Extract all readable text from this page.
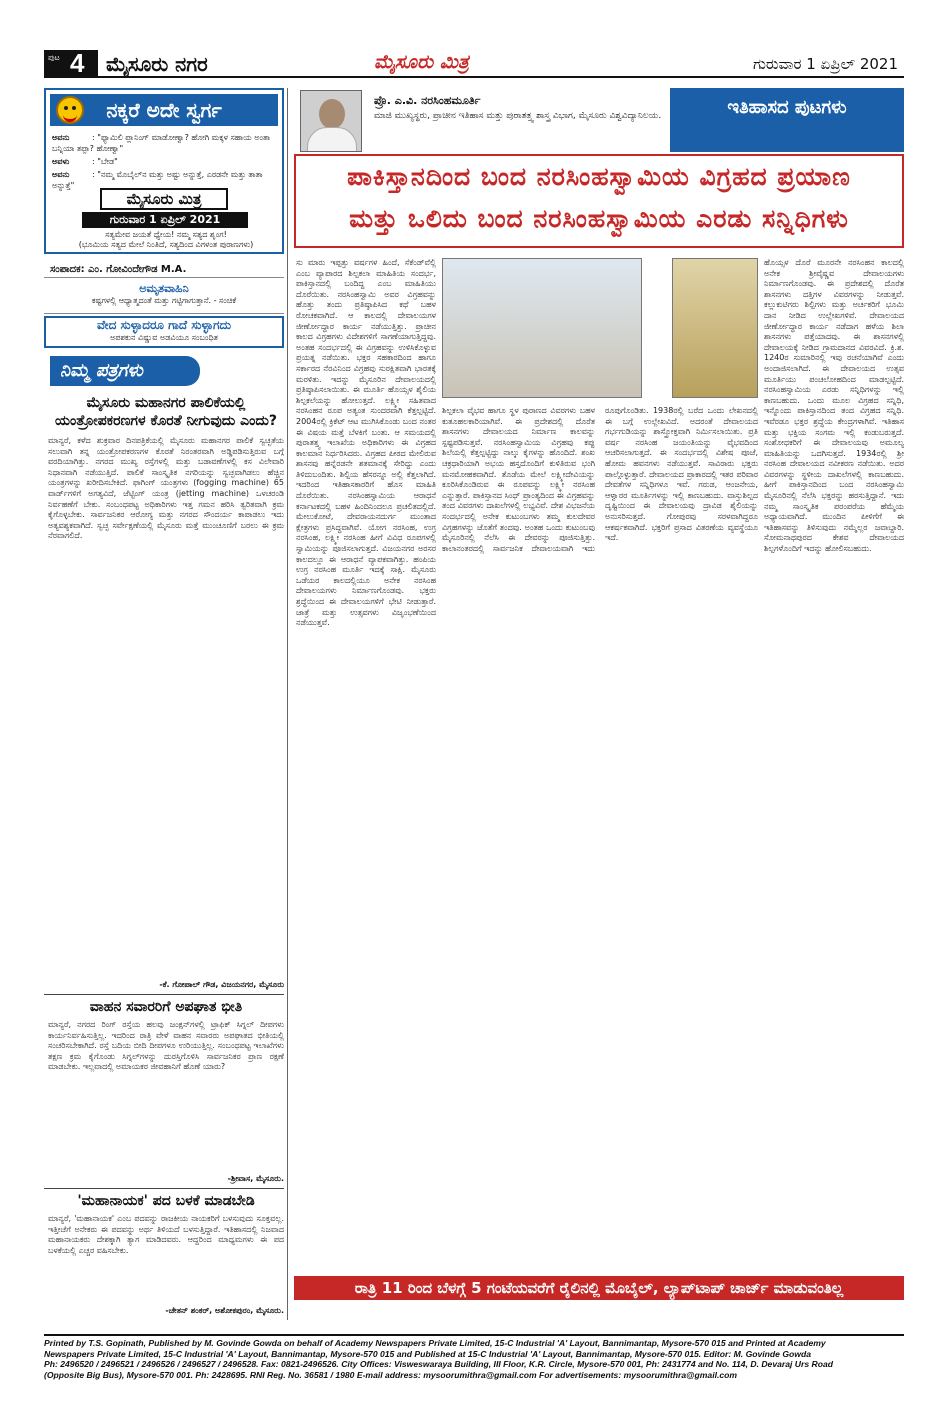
ಪುಟ 4 ಮೈಸೂರು ನಗರ	ಮೈಸೂರು ಮಿತ್ರ	ಗುರುವಾರ 1 ಏಪ್ರಿಲ್ 2021
ನಕ್ಕರೆ ಅದೇ ಸ್ವರ್ಗ
ಅವನು	: "ಫ್ಯಾಮಿಲಿ ಪ್ಲಾನಿಂಗ್ ಮಾಡೋಣ್ವಾ? ಹೋಗಿ ಮಕ್ಕಳ ಸಹಾಯ ಅಂತಾ ಬನ್ನಿಯಾ ತಪ್ಪಾ? ಹೋಣ್ವಾ"
ಅವಳು	: "ಬೇಡ"
ಅವನು	: "ನಮ್ಮ ಮೊಬೈಲ್‌ನ ಮತ್ತು ಅಷ್ಟು ಅನ್ನುತ್ತೆ, ಎರಡನೇ ಮತ್ತು ತಾತಾ ಅನ್ನುತ್ತೆ"
ಮೈಸೂರು ಮಿತ್ರ
ಗುರುವಾರ 1 ಏಪ್ರಿಲ್ 2021
ಸತ್ಯಮೇವ ಜಯತೆ ಧ್ಯೇಯ! ನಮ್ಮ ಸತ್ಯದ ಶೃಂಗ!
(ಭೂಮಿಯ ಸತ್ಯದ ಮೇಲೆ ನಿಂತಿದೆ, ಸತ್ಯದಿಂದ ವಿಗಳಂತ ಪುರಾಣಗಳು)
ಸಂಪಾದಕ: ಎಂ. ಗೋವಿಂದೇಗೌಡ M.A.
ಅಮೃತವಾಹಿನಿ
ಕಷ್ಟಗಳಲ್ಲಿ ಆಧ್ಯಾತ್ಮದಂತೆ ಮತ್ತು ಗಟ್ಟಿಗಾಗುತ್ತಾನೆ. - ಸಂಚಿಕೆ
ವೇದ ಸುಳ್ಳಾದರೂ ಗಾದೆ ಸುಳ್ಳಾಗದು
ಅಪಶಕುನ ವಿಷ್ಣುವ ಅಡವಿಯೂ ಸಂಬಂಧಿತ
ನಿಮ್ಮ ಪತ್ರಗಳು
ಮೈಸೂರು ಮಹಾನಗರ ಪಾಲಿಕೆಯಲ್ಲಿ ಯಂತ್ರೋಪಕರಣಗಳ ಕೊರತೆ ನೀಗುವುದು ಎಂದು?
ಮಾನ್ಯರೆ, ಕಳೆದ ಶುಕ್ರವಾರ ದಿನಪತ್ರಿಕೆಯಲ್ಲಿ ಮೈಸೂರು ಮಹಾನಗರ ಪಾಲಿಕೆ ಸ್ವಚ್ಛತೆಯ ಸಲುವಾಗಿ ತನ್ನ ಯಂತ್ರೋಪಕರಣಗಳ ಕೊರತೆ ನಿರಂತರವಾಗಿ ಅಡ್ಡಿಪಡಿಸುತ್ತಿರುವ ಬಗ್ಗೆ ವರದಿಯಾಗಿತ್ತು. ನಗರದ ಮುಖ್ಯ ರಸ್ತೆಗಳಲ್ಲಿ ಮತ್ತು ಬಡಾವಣೆಗಳಲ್ಲಿ ಕಸ ವಿಲೇವಾರಿ ನಿಧಾನವಾಗಿ ನಡೆಯುತ್ತಿದೆ. ಪಾಲಿಕೆ ಸಾಂಸ್ಕೃತಿಕ ನಗರಿಯನ್ನು ಸ್ವಚ್ಛವಾಗಿಡಲು ಹೆಚ್ಚಿನ ಯಂತ್ರಗಳನ್ನು ಖರೀದಿಸಬೇಕಿದೆ. ಫಾಗಿಂಗ್ ಯಂತ್ರಗಳು (fogging machine) 65 ವಾರ್ಡ್‌ಗಳಿಗೆ ಅಗತ್ಯವಿದೆ, ಜೆಟ್ಟಿಂಗ್ ಯಂತ್ರ (jetting machine) ಒಳಚರಂಡಿ ನಿರ್ವಹಣೆಗೆ ಬೇಕು. ಸಂಬಂಧಪಟ್ಟ ಅಧಿಕಾರಿಗಳು ಇತ್ತ ಗಮನ ಹರಿಸಿ ತ್ವರಿತವಾಗಿ ಕ್ರಮ ಕೈಗೊಳ್ಳಬೇಕು. ಸಾರ್ವಜನಿಕರ ಆರೋಗ್ಯ ಮತ್ತು ನಗರದ ಸೌಂದರ್ಯ ಕಾಪಾಡಲು ಇದು ಅತ್ಯವಶ್ಯಕವಾಗಿದೆ. ಸ್ವಚ್ಛ ಸರ್ವೇಕ್ಷಣೆಯಲ್ಲಿ ಮೈಸೂರು ಮತ್ತೆ ಮುಂಚೂಣಿಗೆ ಬರಲು ಈ ಕ್ರಮ ನೆರವಾಗಲಿದೆ.
-ಕೆ. ಗೋಪಾಲ್ ಗೌಡ, ವಿಜಯನಗರ, ಮೈಸೂರು
ವಾಹನ ಸವಾರರಿಗೆ ಅಪಘಾತ ಭೀತಿ
ಮಾನ್ಯರೆ, ನಗರದ ರಿಂಗ್ ರಸ್ತೆಯ ಹಲವು ಜಂಕ್ಷನ್‌ಗಳಲ್ಲಿ ಟ್ರಾಫಿಕ್ ಸಿಗ್ನಲ್ ದೀಪಗಳು ಕಾರ್ಯನಿರ್ವಹಿಸುತ್ತಿಲ್ಲ. ಇದರಿಂದ ರಾತ್ರಿ ವೇಳೆ ವಾಹನ ಸವಾರರು ಅಪಘಾತದ ಭೀತಿಯಲ್ಲಿ ಸಂಚರಿಸಬೇಕಾಗಿದೆ. ರಸ್ತೆ ಬದಿಯ ಬೀದಿ ದೀಪಗಳೂ ಉರಿಯುತ್ತಿಲ್ಲ. ಸಂಬಂಧಪಟ್ಟ ಇಲಾಖೆಗಳು ತಕ್ಷಣ ಕ್ರಮ ಕೈಗೊಂಡು ಸಿಗ್ನಲ್‌ಗಳನ್ನು ದುರಸ್ತಿಗೊಳಿಸಿ ಸಾರ್ವಜನಿಕರ ಪ್ರಾಣ ರಕ್ಷಣೆ ಮಾಡಬೇಕು. ಇಲ್ಲವಾದಲ್ಲಿ ಅಮಾಯಕರ ಜೀವಹಾನಿಗೆ ಹೊಣೆ ಯಾರು?
-ಶ್ರೀವಾಸ, ಮೈಸೂರು.
'ಮಹಾನಾಯಕ' ಪದ ಬಳಕೆ ಮಾಡಬೇಡಿ
ಮಾನ್ಯರೆ, 'ಮಹಾನಾಯಕ' ಎಂಬ ಪದವನ್ನು ರಾಜಕೀಯ ನಾಯಕರಿಗೆ ಬಳಸುವುದು ಸೂಕ್ತವಲ್ಲ. ಇತ್ತೀಚೆಗೆ ಅನೇಕರು ಈ ಪದವನ್ನು ಅರ್ಥ ತಿಳಿಯದೆ ಬಳಸುತ್ತಿದ್ದಾರೆ. ಇತಿಹಾಸದಲ್ಲಿ ನಿಜವಾದ ಮಹಾನಾಯಕರು ದೇಶಕ್ಕಾಗಿ ತ್ಯಾಗ ಮಾಡಿದವರು. ಆದ್ದರಿಂದ ಮಾಧ್ಯಮಗಳು ಈ ಪದ ಬಳಕೆಯಲ್ಲಿ ಎಚ್ಚರ ವಹಿಸಬೇಕು.
-ಚೇತನ್ ಶಂಕರ್, ಅಶೋಕಪುರಂ, ಮೈಸೂರು.
ಪ್ರೊ. ಎ.ವಿ. ನರಸಿಂಹಮೂರ್ತಿ
ಮಾಜಿ ಮುಖ್ಯಸ್ಥರು, ಪ್ರಾಚೀನ ಇತಿಹಾಸ ಮತ್ತು ಪುರಾತತ್ತ್ವ ಶಾಸ್ತ್ರ ವಿಭಾಗ, ಮೈಸೂರು ವಿಶ್ವವಿದ್ಯಾನಿಲಯ.	ಇತಿಹಾಸದ ಪುಟಗಳು
ಪಾಕಿಸ್ತಾನದಿಂದ ಬಂದ ನರಸಿಂಹಸ್ವಾಮಿಯ ವಿಗ್ರಹದ ಪ್ರಯಾಣ
ಮತ್ತು ಒಲಿದು ಬಂದ ನರಸಿಂಹಸ್ವಾಮಿಯ ಎರಡು ಸನ್ನಿಧಿಗಳು
ಸು ಮಾರು ಇಪ್ಪತ್ತು ವರ್ಷಗಳ ಹಿಂದೆ, ಸೆಕೆಂಡ್‌ವೆಲ್ಲಿ ಎಂಬ ವ್ಯಾಪಾರದ ಶಿಲ್ಪಕಲಾ ಮಾಹಿತಿಯ ಸಂದರ್ಭ, ಪಾಕಿಸ್ತಾನದಲ್ಲಿ ಬಂದಿದ್ದ ಎಂಬ ಮಾಹಿತಿಯು ದೊರೆಯಿತು. ನರಸಿಂಹಸ್ವಾಮಿ ಅವರ ವಿಗ್ರಹವನ್ನು ಹೊತ್ತು ತಂದು ಪ್ರತಿಷ್ಠಾಪಿಸಿದ ಕಥೆ ಬಹಳ ರೋಚಕವಾಗಿದೆ. ಆ ಕಾಲದಲ್ಲಿ ದೇವಾಲಯಗಳ ಜೀರ್ಣೋದ್ಧಾರ ಕಾರ್ಯ ನಡೆಯುತ್ತಿತ್ತು. ಪ್ರಾಚೀನ ಕಾಲದ ವಿಗ್ರಹಗಳು ವಿದೇಶಗಳಿಗೆ ಸಾಗಣೆಯಾಗುತ್ತಿದ್ದವು. ಅಂತಹ ಸಂದರ್ಭದಲ್ಲಿ ಈ ವಿಗ್ರಹವನ್ನು ಉಳಿಸಿಕೊಳ್ಳುವ ಪ್ರಯತ್ನ ನಡೆಯಿತು. ಭಕ್ತರ ಸಹಕಾರದಿಂದ ಹಾಗೂ ಸರ್ಕಾರದ ನೆರವಿನಿಂದ ವಿಗ್ರಹವು ಸುರಕ್ಷಿತವಾಗಿ ಭಾರತಕ್ಕೆ ಮರಳಿತು. ಇದನ್ನು ಮೈಸೂರಿನ ದೇವಾಲಯದಲ್ಲಿ ಪ್ರತಿಷ್ಠಾಪಿಸಲಾಯಿತು. ಈ ಮೂರ್ತಿ ಹೊಯ್ಸಳ ಶೈಲಿಯ ಶಿಲ್ಪಕಲೆಯನ್ನು ಹೋಲುತ್ತದೆ. ಲಕ್ಷ್ಮೀ ಸಹಿತವಾದ ನರಸಿಂಹನ ರೂಪ ಅತ್ಯಂತ ಸುಂದರವಾಗಿ ಕೆತ್ತಲ್ಪಟ್ಟಿದೆ. 2004ರಲ್ಲಿ ಕ್ರಿಕೆಟ್ ಆಟ ಮುಗಿಸಿಕೊಂಡು ಬಂದ ನಂತರ ಈ ವಿಷಯ ಮತ್ತೆ ಬೆಳಕಿಗೆ ಬಂತು. ಆ ಸಮಯದಲ್ಲಿ ಪುರಾತತ್ತ್ವ ಇಲಾಖೆಯ ಅಧಿಕಾರಿಗಳು ಈ ವಿಗ್ರಹದ ಕಾಲಮಾನ ನಿರ್ಧರಿಸಿದರು. ವಿಗ್ರಹದ ಪೀಠದ ಮೇಲಿರುವ ಶಾಸನವು ಹನ್ನೆರಡನೇ ಶತಮಾನಕ್ಕೆ ಸೇರಿದ್ದು ಎಂದು ತಿಳಿದುಬಂದಿತು. ಶಿಲ್ಪಿಯ ಹೆಸರನ್ನೂ ಅಲ್ಲಿ ಕೆತ್ತಲಾಗಿದೆ. ಇದರಿಂದ ಇತಿಹಾಸಕಾರರಿಗೆ ಹೊಸ ಮಾಹಿತಿ ದೊರೆಯಿತು. ನರಸಿಂಹಸ್ವಾಮಿಯ ಆರಾಧನೆ ಕರ್ನಾಟಕದಲ್ಲಿ ಬಹಳ ಹಿಂದಿನಿಂದಲೂ ಪ್ರಚಲಿತದಲ್ಲಿದೆ. ಮೇಲುಕೋಟೆ, ದೇವರಾಯನದುರ್ಗ ಮುಂತಾದ ಕ್ಷೇತ್ರಗಳು ಪ್ರಸಿದ್ಧವಾಗಿವೆ. ಯೋಗ ನರಸಿಂಹ, ಉಗ್ರ ನರಸಿಂಹ, ಲಕ್ಷ್ಮೀ ನರಸಿಂಹ ಹೀಗೆ ವಿವಿಧ ರೂಪಗಳಲ್ಲಿ ಸ್ವಾಮಿಯನ್ನು ಪೂಜಿಸಲಾಗುತ್ತದೆ. ವಿಜಯನಗರ ಅರಸರ ಕಾಲದಲ್ಲೂ ಈ ಆರಾಧನೆ ವ್ಯಾಪಕವಾಗಿತ್ತು. ಹಂಪಿಯ ಉಗ್ರ ನರಸಿಂಹ ಮೂರ್ತಿ ಇದಕ್ಕೆ ಸಾಕ್ಷಿ. ಮೈಸೂರು ಒಡೆಯರ ಕಾಲದಲ್ಲಿಯೂ ಅನೇಕ ನರಸಿಂಹ ದೇವಾಲಯಗಳು ನಿರ್ಮಾಣಗೊಂಡವು. ಭಕ್ತರು ಶ್ರದ್ಧೆಯಿಂದ ಈ ದೇವಾಲಯಗಳಿಗೆ ಭೇಟಿ ನೀಡುತ್ತಾರೆ. ಜಾತ್ರೆ ಮತ್ತು ಉತ್ಸವಗಳು ವಿಜೃಂಭಣೆಯಿಂದ ನಡೆಯುತ್ತವೆ.
ಶಿಲ್ಪಕಲಾ ವೈಭವ ಹಾಗೂ ಸ್ಥಳ ಪುರಾಣದ ವಿವರಗಳು ಬಹಳ ಕುತೂಹಲಕಾರಿಯಾಗಿವೆ. ಈ ಪ್ರದೇಶದಲ್ಲಿ ದೊರೆತ ಶಾಸನಗಳು ದೇವಾಲಯದ ನಿರ್ಮಾಣ ಕಾಲವನ್ನು ಸ್ಪಷ್ಟಪಡಿಸುತ್ತವೆ. ನರಸಿಂಹಸ್ವಾಮಿಯ ವಿಗ್ರಹವು ಕಪ್ಪು ಶಿಲೆಯಲ್ಲಿ ಕೆತ್ತಲ್ಪಟ್ಟಿದ್ದು ನಾಲ್ಕು ಕೈಗಳನ್ನು ಹೊಂದಿದೆ. ಶಂಖ ಚಕ್ರಧಾರಿಯಾಗಿ ಅಭಯ ಹಸ್ತದೊಂದಿಗೆ ಕುಳಿತಿರುವ ಭಂಗಿ ಮನಮೋಹಕವಾಗಿದೆ. ತೊಡೆಯ ಮೇಲೆ ಲಕ್ಷ್ಮೀದೇವಿಯನ್ನು ಕೂರಿಸಿಕೊಂಡಿರುವ ಈ ರೂಪವನ್ನು ಲಕ್ಷ್ಮೀ ನರಸಿಂಹ ಎನ್ನುತ್ತಾರೆ. ಪಾಕಿಸ್ತಾನದ ಸಿಂಧ್ ಪ್ರಾಂತ್ಯದಿಂದ ಈ ವಿಗ್ರಹವನ್ನು ತಂದ ವಿವರಗಳು ದಾಖಲೆಗಳಲ್ಲಿ ಲಭ್ಯವಿವೆ. ದೇಶ ವಿಭಜನೆಯ ಸಂದರ್ಭದಲ್ಲಿ ಅನೇಕ ಕುಟುಂಬಗಳು ತಮ್ಮ ಕುಲದೇವರ ವಿಗ್ರಹಗಳನ್ನು ಜೊತೆಗೆ ತಂದವು. ಅಂತಹ ಒಂದು ಕುಟುಂಬವು ಮೈಸೂರಿನಲ್ಲಿ ನೆಲೆಸಿ ಈ ದೇವರನ್ನು ಪೂಜಿಸುತ್ತಿತ್ತು. ಕಾಲಾನಂತರದಲ್ಲಿ ಸಾರ್ವಜನಿಕ ದೇವಾಲಯವಾಗಿ ಇದು ರೂಪುಗೊಂಡಿತು. 1938ರಲ್ಲಿ ಬರೆದ ಒಂದು ಲೇಖನದಲ್ಲಿ ಈ ಬಗ್ಗೆ ಉಲ್ಲೇಖವಿದೆ. ಅದರಂತೆ ದೇವಾಲಯದ ಗರ್ಭಗುಡಿಯನ್ನು ಶಾಸ್ತ್ರೋಕ್ತವಾಗಿ ನಿರ್ಮಿಸಲಾಯಿತು. ಪ್ರತಿ ವರ್ಷ ನರಸಿಂಹ ಜಯಂತಿಯನ್ನು ವೈಭವದಿಂದ ಆಚರಿಸಲಾಗುತ್ತದೆ. ಈ ಸಂದರ್ಭದಲ್ಲಿ ವಿಶೇಷ ಪೂಜೆ, ಹೋಮ ಹವನಗಳು ನಡೆಯುತ್ತವೆ. ಸಾವಿರಾರು ಭಕ್ತರು ಪಾಲ್ಗೊಳ್ಳುತ್ತಾರೆ. ದೇವಾಲಯದ ಪ್ರಾಕಾರದಲ್ಲಿ ಇತರ ಪರಿವಾರ ದೇವತೆಗಳ ಸನ್ನಿಧಿಗಳೂ ಇವೆ. ಗರುಡ, ಆಂಜನೇಯ, ಆಳ್ವಾರರ ಮೂರ್ತಿಗಳನ್ನು ಇಲ್ಲಿ ಕಾಣಬಹುದು. ವಾಸ್ತುಶಿಲ್ಪದ ದೃಷ್ಟಿಯಿಂದ ಈ ದೇವಾಲಯವು ದ್ರಾವಿಡ ಶೈಲಿಯನ್ನು ಅನುಸರಿಸುತ್ತದೆ. ಗೋಪುರವು ಸರಳವಾಗಿದ್ದರೂ ಆಕರ್ಷಕವಾಗಿದೆ. ಭಕ್ತರಿಗೆ ಪ್ರಸಾದ ವಿತರಣೆಯ ವ್ಯವಸ್ಥೆಯೂ ಇದೆ.
ಹೊಯ್ಸಳ ದೊರೆ ಮೂರನೇ ನರಸಿಂಹನ ಕಾಲದಲ್ಲಿ ಅನೇಕ ಶ್ರೀವೈಷ್ಣವ ದೇವಾಲಯಗಳು ನಿರ್ಮಾಣಗೊಂಡವು. ಈ ಪ್ರದೇಶದಲ್ಲಿ ದೊರೆತ ಶಾಸನಗಳು ದತ್ತಿಗಳ ವಿವರಗಳನ್ನು ನೀಡುತ್ತವೆ. ಕಲ್ಲುಕುಟಿಗರು ಶಿಲ್ಪಿಗಳು ಮತ್ತು ಅರ್ಚಕರಿಗೆ ಭೂಮಿ ದಾನ ನೀಡಿದ ಉಲ್ಲೇಖಗಳಿವೆ. ದೇವಾಲಯದ ಜೀರ್ಣೋದ್ಧಾರ ಕಾರ್ಯ ನಡೆದಾಗ ಹಳೆಯ ಶಿಲಾ ಶಾಸನಗಳು ಪತ್ತೆಯಾದವು. ಈ ಶಾಸನಗಳಲ್ಲಿ ದೇವಾಲಯಕ್ಕೆ ನೀಡಿದ ಗ್ರಾಮದಾನದ ವಿವರವಿದೆ. ಕ್ರಿ.ಶ. 1240ರ ಸುಮಾರಿನಲ್ಲಿ ಇವು ರಚನೆಯಾಗಿವೆ ಎಂದು ಅಂದಾಜಿಸಲಾಗಿದೆ. ಈ ದೇವಾಲಯದ ಉತ್ಸವ ಮೂರ್ತಿಯು ಪಂಚಲೋಹದಿಂದ ಮಾಡಲ್ಪಟ್ಟಿದೆ. ನರಸಿಂಹಸ್ವಾಮಿಯ ಎರಡು ಸನ್ನಿಧಿಗಳನ್ನು ಇಲ್ಲಿ ಕಾಣಬಹುದು. ಒಂದು ಮೂಲ ವಿಗ್ರಹದ ಸನ್ನಿಧಿ, ಇನ್ನೊಂದು ಪಾಕಿಸ್ತಾನದಿಂದ ತಂದ ವಿಗ್ರಹದ ಸನ್ನಿಧಿ. ಇವೆರಡೂ ಭಕ್ತರ ಶ್ರದ್ಧೆಯ ಕೇಂದ್ರಗಳಾಗಿವೆ. ಇತಿಹಾಸ ಮತ್ತು ಭಕ್ತಿಯ ಸಂಗಮ ಇಲ್ಲಿ ಕಂಡುಬರುತ್ತದೆ. ಸಂಶೋಧಕರಿಗೆ ಈ ದೇವಾಲಯವು ಅಮೂಲ್ಯ ಮಾಹಿತಿಯನ್ನು ಒದಗಿಸುತ್ತದೆ. 1934ರಲ್ಲಿ ಶ್ರೀ ನರಸಿಂಹ ದೇವಾಲಯದ ನವೀಕರಣ ನಡೆಯಿತು. ಅದರ ವಿವರಗಳನ್ನು ಸ್ಥಳೀಯ ದಾಖಲೆಗಳಲ್ಲಿ ಕಾಣಬಹುದು. ಹೀಗೆ ಪಾಕಿಸ್ತಾನದಿಂದ ಬಂದ ನರಸಿಂಹಸ್ವಾಮಿ ಮೈಸೂರಿನಲ್ಲಿ ನೆಲೆಸಿ ಭಕ್ತರನ್ನು ಹರಸುತ್ತಿದ್ದಾನೆ. ಇದು ನಮ್ಮ ಸಾಂಸ್ಕೃತಿಕ ಪರಂಪರೆಯ ಹೆಮ್ಮೆಯ ಅಧ್ಯಾಯವಾಗಿದೆ. ಮುಂದಿನ ಪೀಳಿಗೆಗೆ ಈ ಇತಿಹಾಸವನ್ನು ತಿಳಿಸುವುದು ನಮ್ಮೆಲ್ಲರ ಜವಾಬ್ದಾರಿ. ಸೋಮನಾಥಪುರದ ಕೇಶವ ದೇವಾಲಯದ ಶಿಲ್ಪಗಳೊಂದಿಗೆ ಇದನ್ನು ಹೋಲಿಸಬಹುದು.
ರಾತ್ರಿ 11 ರಿಂದ ಬೆಳಗ್ಗೆ 5 ಗಂಟೆಯವರೆಗೆ ರೈಲಿನಲ್ಲಿ ಮೊಬೈಲ್, ಲ್ಯಾಪ್‌ಟಾಪ್ ಚಾರ್ಜ್ ಮಾಡುವಂತಿಲ್ಲ
Printed by T.S. Gopinath, Published by M. Govinde Gowda on behalf of Academy Newspapers Private Limited, 15-C Industrial 'A' Layout, Bannimantap, Mysore-570 015 and Printed at Academy
Newspapers Private Limited, 15-C Industrial 'A' Layout, Bannimantap, Mysore-570 015 and Published at 15-C Industrial 'A' Layout, Bannimantap, Mysore-570 015. Editor: M. Govinde Gowda
Ph: 2496520 / 2496521 / 2496526 / 2496527 / 2496528. Fax: 0821-2496526. City Offices: Visweswaraya Building, III Floor, K.R. Circle, Mysore-570 001, Ph: 2431774 and No. 114, D. Devaraj Urs Road
(Opposite Big Bus), Mysore-570 001. Ph: 2428695. RNI Reg. No. 36581 / 1980 E-mail address: mysoorumithra@gmail.com For advertisements: mysoorumithra@gmail.com
